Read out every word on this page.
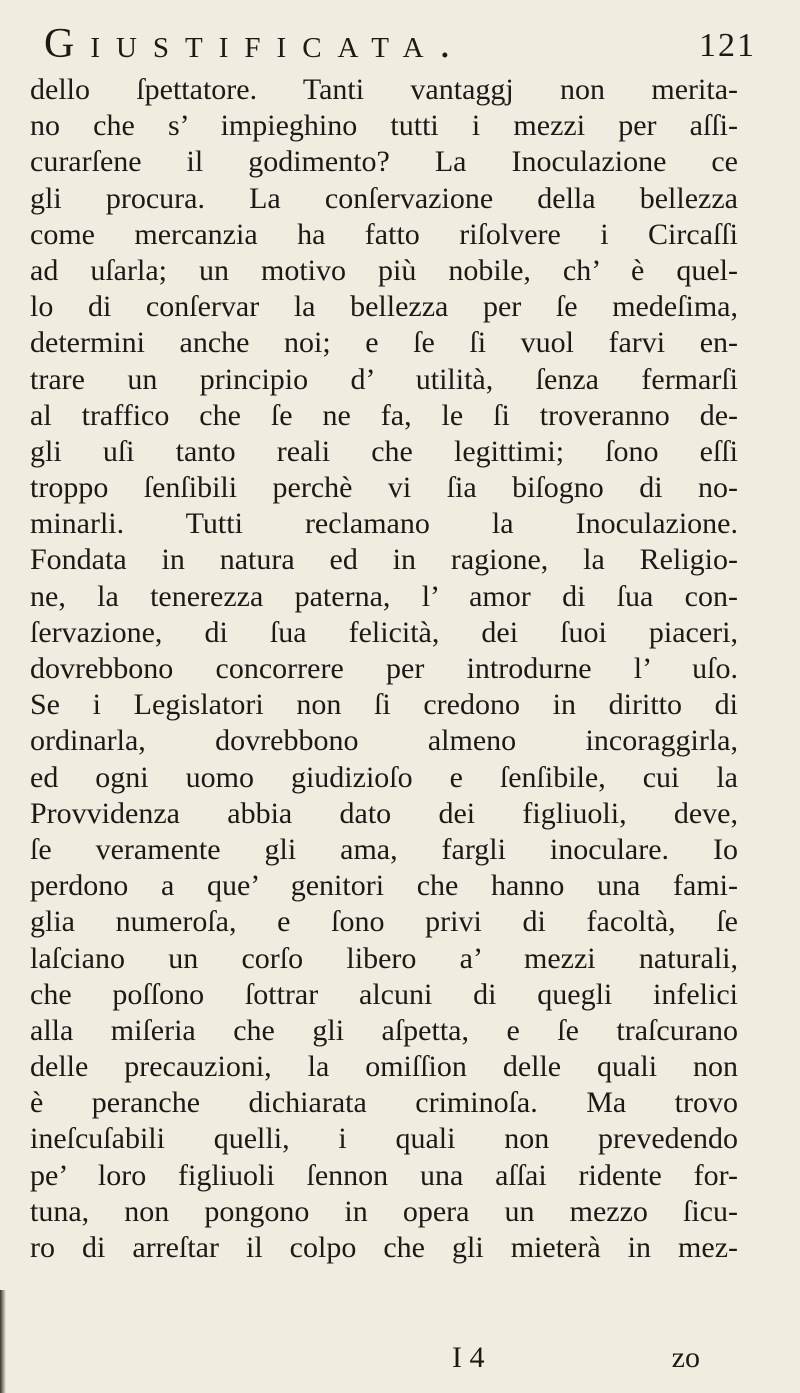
Giustificata.	121
dello ſpettatore. Tanti vantaggj non merita-
no che s’ impieghino tutti i mezzi per aſſi-
curarſene il godimento? La Inoculazione ce
gli procura. La conſervazione della bellezza
come mercanzia ha fatto riſolvere i Circaſſi
ad uſarla; un motivo più nobile, ch’ è quel-
lo di conſervar la bellezza per ſe medeſima,
determini anche noi; e ſe ſi vuol farvi en-
trare un principio d’ utilità, ſenza fermarſi
al traffico che ſe ne fa, le ſi troveranno de-
gli uſi tanto reali che legittimi; ſono eſſi
troppo ſenſibili perchè vi ſia biſogno di no-
minarli. Tutti reclamano la Inoculazione.
Fondata in natura ed in ragione, la Religio-
ne, la tenerezza paterna, l’ amor di ſua con-
ſervazione, di ſua felicità, dei ſuoi piaceri,
dovrebbono concorrere per introdurne l’ uſo.
Se i Legislatori non ſi credono in diritto di
ordinarla, dovrebbono almeno incoraggirla,
ed ogni uomo giudizioſo e ſenſibile, cui la
Provvidenza abbia dato dei figliuoli, deve,
ſe veramente gli ama, fargli inoculare. Io
perdono a que’ genitori che hanno una fami-
glia numeroſa, e ſono privi di facoltà, ſe
laſciano un corſo libero a’ mezzi naturali,
che poſſono ſottrar alcuni di quegli infelici
alla miſeria che gli aſpetta, e ſe traſcurano
delle precauzioni, la omiſſion delle quali non
è peranche dichiarata criminoſa. Ma trovo
ineſcuſabili quelli, i quali non prevedendo
pe’ loro figliuoli ſennon una aſſai ridente for-
tuna, non pongono in opera un mezzo ſicu-
ro di arreſtar il colpo che gli mieterà in mez-
I 4	zo
